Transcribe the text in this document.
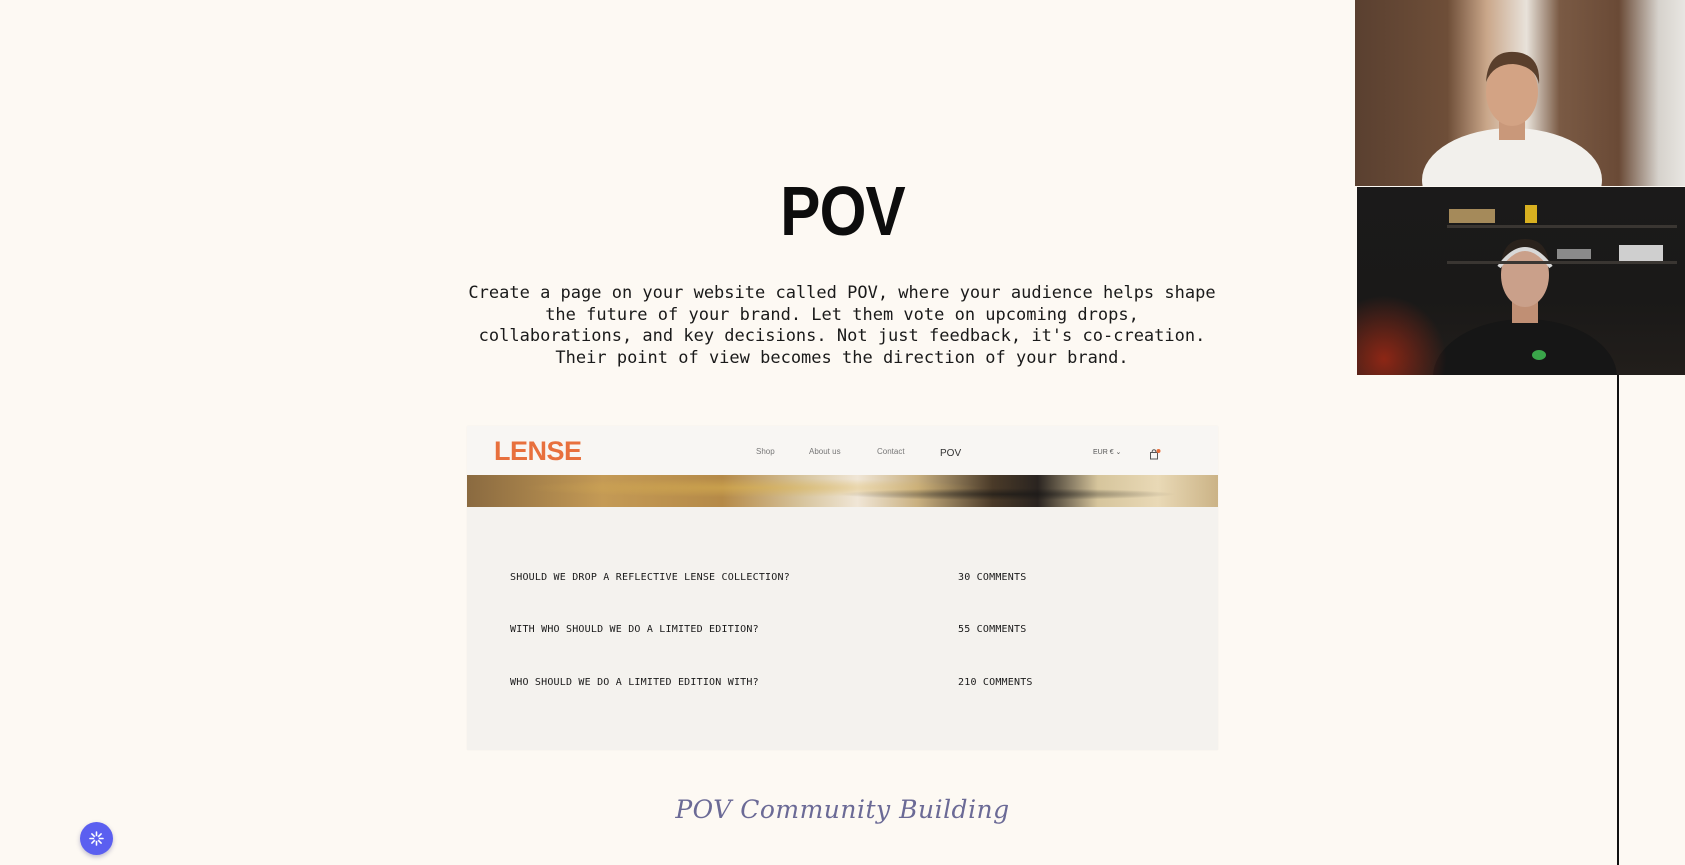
POV

Create a page on your website called POV, where your audience helps shape
the future of your brand. Let them vote on upcoming drops,
collaborations, and key decisions. Not just feedback, it's co-creation.
Their point of view becomes the direction of your brand.

LENSE	Shop	About us	Contact	POV	EUR € ⌄
SHOULD WE DROP A REFLECTIVE LENSE COLLECTION?	30 COMMENTS
WITH WHO SHOULD WE DO A LIMITED EDITION?	55 COMMENTS
WHO SHOULD WE DO A LIMITED EDITION WITH?	210 COMMENTS
POV Community Building
